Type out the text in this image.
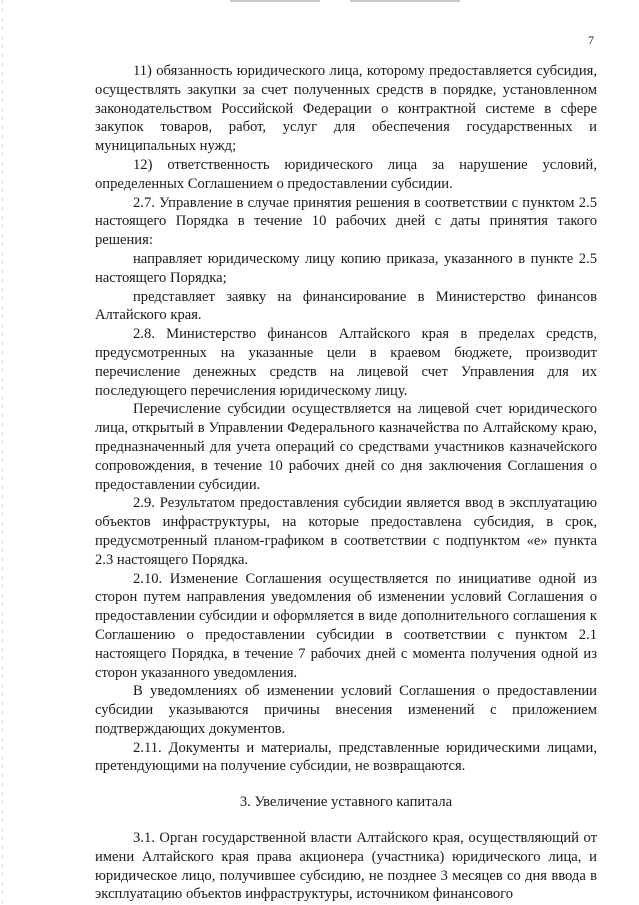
7

11) обязанность юридического лица, которому предоставляется субсидия, осуществлять закупки за счет полученных средств в порядке, установленном законодательством Российской Федерации о контрактной системе в сфере закупок товаров, работ, услуг для обеспечения государственных и муниципальных нужд;

12) ответственность юридического лица за нарушение условий, определенных Соглашением о предоставлении субсидии.

2.7. Управление в случае принятия решения в соответствии с пунктом 2.5 настоящего Порядка в течение 10 рабочих дней с даты принятия такого решения:

направляет юридическому лицу копию приказа, указанного в пункте 2.5 настоящего Порядка;

представляет заявку на финансирование в Министерство финансов Алтайского края.

2.8. Министерство финансов Алтайского края в пределах средств, предусмотренных на указанные цели в краевом бюджете, производит перечисление денежных средств на лицевой счет Управления для их последующего перечисления юридическому лицу.

Перечисление субсидии осуществляется на лицевой счет юридического лица, открытый в Управлении Федерального казначейства по Алтайскому краю, предназначенный для учета операций со средствами участников казначейского сопровождения, в течение 10 рабочих дней со дня заключения Соглашения о предоставлении субсидии.

2.9. Результатом предоставления субсидии является ввод в эксплуатацию объектов инфраструктуры, на которые предоставлена субсидия, в срок, предусмотренный планом-графиком в соответствии с подпунктом «е» пункта 2.3 настоящего Порядка.

2.10. Изменение Соглашения осуществляется по инициативе одной из сторон путем направления уведомления об изменении условий Соглашения о предоставлении субсидии и оформляется в виде дополнительного соглашения к Соглашению о предоставлении субсидии в соответствии с пунктом 2.1 настоящего Порядка, в течение 7 рабочих дней с момента получения одной из сторон указанного уведомления.

В уведомлениях об изменении условий Соглашения о предоставлении субсидии указываются причины внесения изменений с приложением подтверждающих документов.

2.11. Документы и материалы, представленные юридическими лицами, претендующими на получение субсидии, не возвращаются.

3. Увеличение уставного капитала

3.1. Орган государственной власти Алтайского края, осуществляющий от имени Алтайского края права акционера (участника) юридического лица, и юридическое лицо, получившее субсидию, не позднее 3 месяцев со дня ввода в эксплуатацию объектов инфраструктуры, источником финансового
